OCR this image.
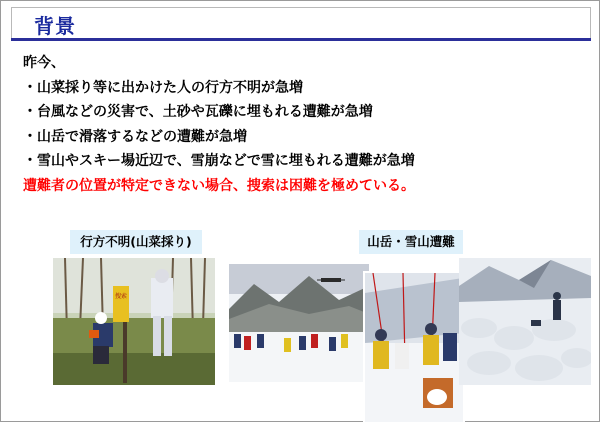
背景
昨今、
・山菜採り等に出かけた人の行方不明が急増
・台風などの災害で、土砂や瓦礫に埋もれる遭難が急増
・山岳で滑落するなどの遭難が急増
・雪山やスキー場近辺で、雪崩などで雪に埋もれる遭難が急増
遭難者の位置が特定できない場合、捜索は困難を極めている。
行方不明(山菜採り)	山岳・雪山遭難
捜索
